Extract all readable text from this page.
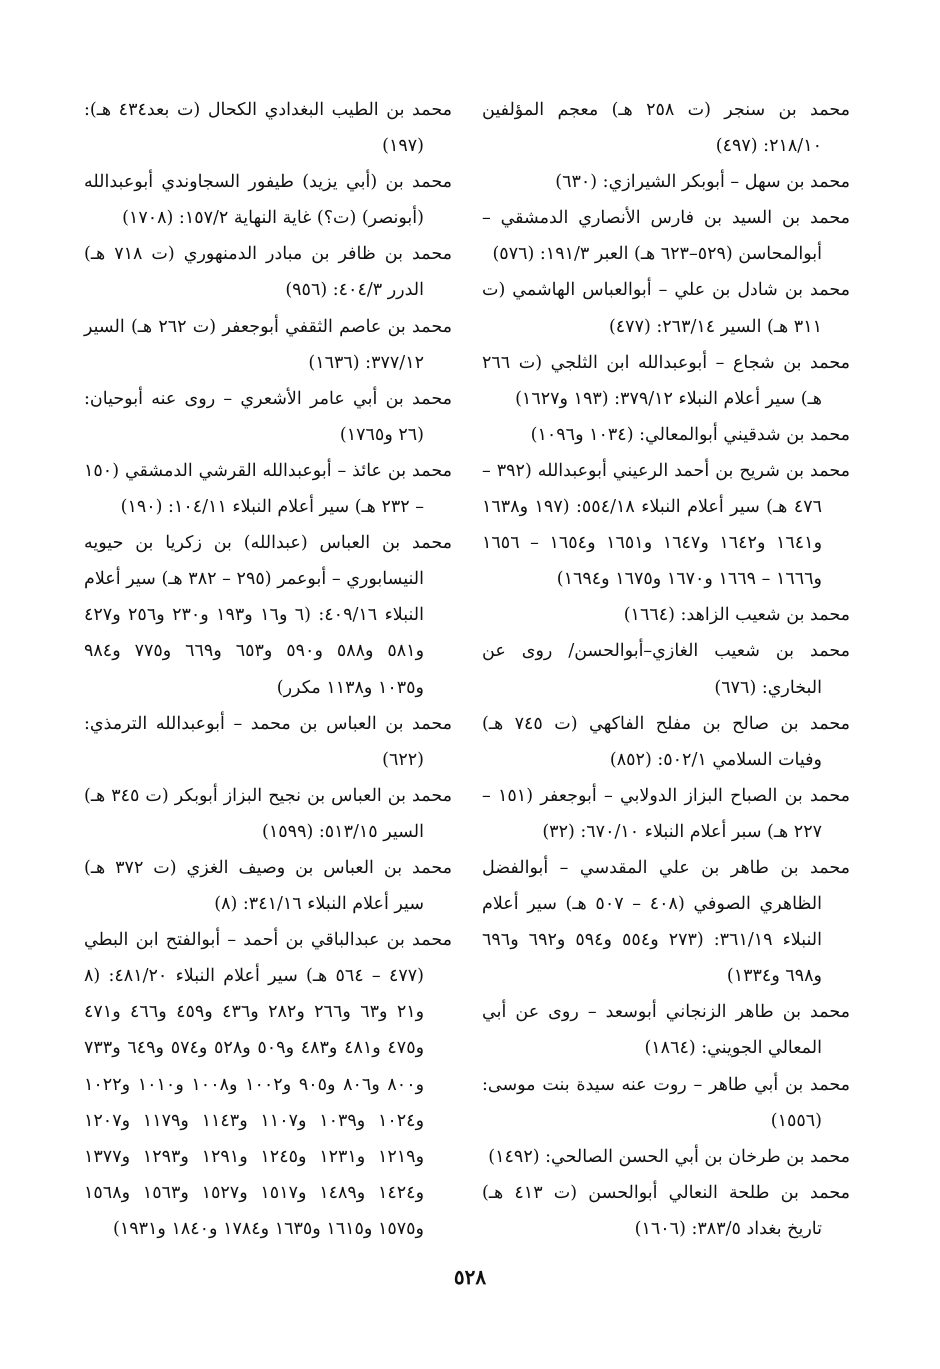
محمد بن سنجر (ت ٢٥٨ هـ) معجم المؤلفين ٢١٨/١٠: (٤٩٧)

محمد بن سهل – أبوبكر الشيرازي: (٦٣٠)

محمد بن السيد بن فارس الأنصاري الدمشقي – أبوالمحاسن (٥٢٩–٦٢٣ هـ) العبر ١٩١/٣: (٥٧٦)

محمد بن شادل بن علي – أبوالعباس الهاشمي (ت ٣١١ هـ) السير ٢٦٣/١٤: (٤٧٧)

محمد بن شجاع – أبوعبدالله ابن الثلجي (ت ٢٦٦ هـ) سير أعلام النبلاء ٣٧٩/١٢: (١٩٣ و١٦٢٧)

محمد بن شدقيني أبوالمعالي: (١٠٣٤ و١٠٩٦)

محمد بن شريح بن أحمد الرعيني أبوعبدالله (٣٩٢ – ٤٧٦ هـ) سير أعلام النبلاء ٥٥٤/١٨: (١٩٧ و١٦٣٨ و١٦٤١ و١٦٤٢ و١٦٤٧ و١٦٥١ و١٦٥٤ – ١٦٥٦ و١٦٦٦ – ١٦٦٩ و١٦٧٠ و١٦٧٥ و١٦٩٤)

محمد بن شعيب الزاهد: (١٦٦٤)

محمد بن شعيب الغازي–أبوالحسن/ روى عن البخاري: (٦٧٦)

محمد بن صالح بن مفلح الفاكهي (ت ٧٤٥ هـ) وفيات السلامي ٥٠٢/١: (٨٥٢)

محمد بن الصباح البزاز الدولابي – أبوجعفر (١٥١ – ٢٢٧ هـ) سبر أعلام النبلاء ٦٧٠/١٠: (٣٢)

محمد بن طاهر بن علي المقدسي – أبوالفضل الظاهري الصوفي (٤٠٨ – ٥٠٧ هـ) سير أعلام النبلاء ٣٦١/١٩: (٢٧٣ و٥٥٤ و٥٩٤ و٦٩٢ و٦٩٦ و٦٩٨ و١٣٣٤)

محمد بن طاهر الزنجاني أبوسعد – روى عن أبي المعالي الجويني: (١٨٦٤)

محمد بن أبي طاهر – روت عنه سيدة بنت موسى: (١٥٥٦)

محمد بن طرخان بن أبي الحسن الصالحي: (١٤٩٢)

محمد بن طلحة النعالي أبوالحسن (ت ٤١٣ هـ) تاريخ بغداد ٣٨٣/٥: (١٦٠٦)

محمد بن الطيب البغدادي الكحال (ت بعد٤٣٤ هـ): (١٩٧)

محمد بن (أبي يزيد) طيفور السجاوندي أبوعبدالله (أبونصر) (ت؟) غاية النهاية ١٥٧/٢: (١٧٠٨)

محمد بن ظافر بن مبادر الدمنهوري (ت ٧١٨ هـ) الدرر ٤٠٤/٣: (٩٥٦)

محمد بن عاصم الثقفي أبوجعفر (ت ٢٦٢ هـ) السير ٣٧٧/١٢: (١٦٣٦)

محمد بن أبي عامر الأشعري – روى عنه أبوحيان: (٢٦ و١٧٦٥)

محمد بن عائذ – أبوعبدالله القرشي الدمشقي (١٥٠ – ٢٣٢ هـ) سير أعلام النبلاء ١٠٤/١١: (١٩٠)

محمد بن العباس (عبدالله) بن زكريا بن حيويه النيسابوري – أبوعمر (٢٩٥ – ٣٨٢ هـ) سير أعلام النبلاء ٤٠٩/١٦: (٦ و١٦ و١٩٣ و٢٣٠ و٢٥٦ و٤٢٧ و٥٨١ و٥٨٨ و٥٩٠ و٦٥٣ و٦٦٩ و٧٧٥ و٩٨٤ و١٠٣٥ و١١٣٨ مكرر)

محمد بن العباس بن محمد – أبوعبدالله الترمذي: (٦٢٢)

محمد بن العباس بن نجيح البزاز أبوبكر (ت ٣٤٥ هـ) السير ٥١٣/١٥: (١٥٩٩)

محمد بن العباس بن وصيف الغزي (ت ٣٧٢ هـ) سير أعلام النبلاء ٣٤١/١٦: (٨)

محمد بن عبدالباقي بن أحمد – أبوالفتح ابن البطي (٤٧٧ – ٥٦٤ هـ) سير أعلام النبلاء ٤٨١/٢٠: (٨ و٢١ و٦٣ و٢٦٦ و٢٨٢ و٤٣٦ و٤٥٩ و٤٦٦ و٤٧١ و٤٧٥ و٤٨١ و٤٨٣ و٥٠٩ و٥٢٨ و٥٧٤ و٦٤٩ و٧٣٣ و٨٠٠ و٨٠٦ و٩٠٥ و١٠٠٢ و١٠٠٨ و١٠١٠ و١٠٢٢ و١٠٢٤ و١٠٣٩ و١١٠٧ و١١٤٣ و١١٧٩ و١٢٠٧ و١٢١٩ و١٢٣١ و١٢٤٥ و١٢٩١ و١٢٩٣ و١٣٧٧ و١٤٢٤ و١٤٨٩ و١٥١٧ و١٥٢٧ و١٥٦٣ و١٥٦٨ و١٥٧٥ و١٦١٥ و١٦٣٥ و١٧٨٤ و١٨٤٠ و١٩٣١)

٥٢٨
